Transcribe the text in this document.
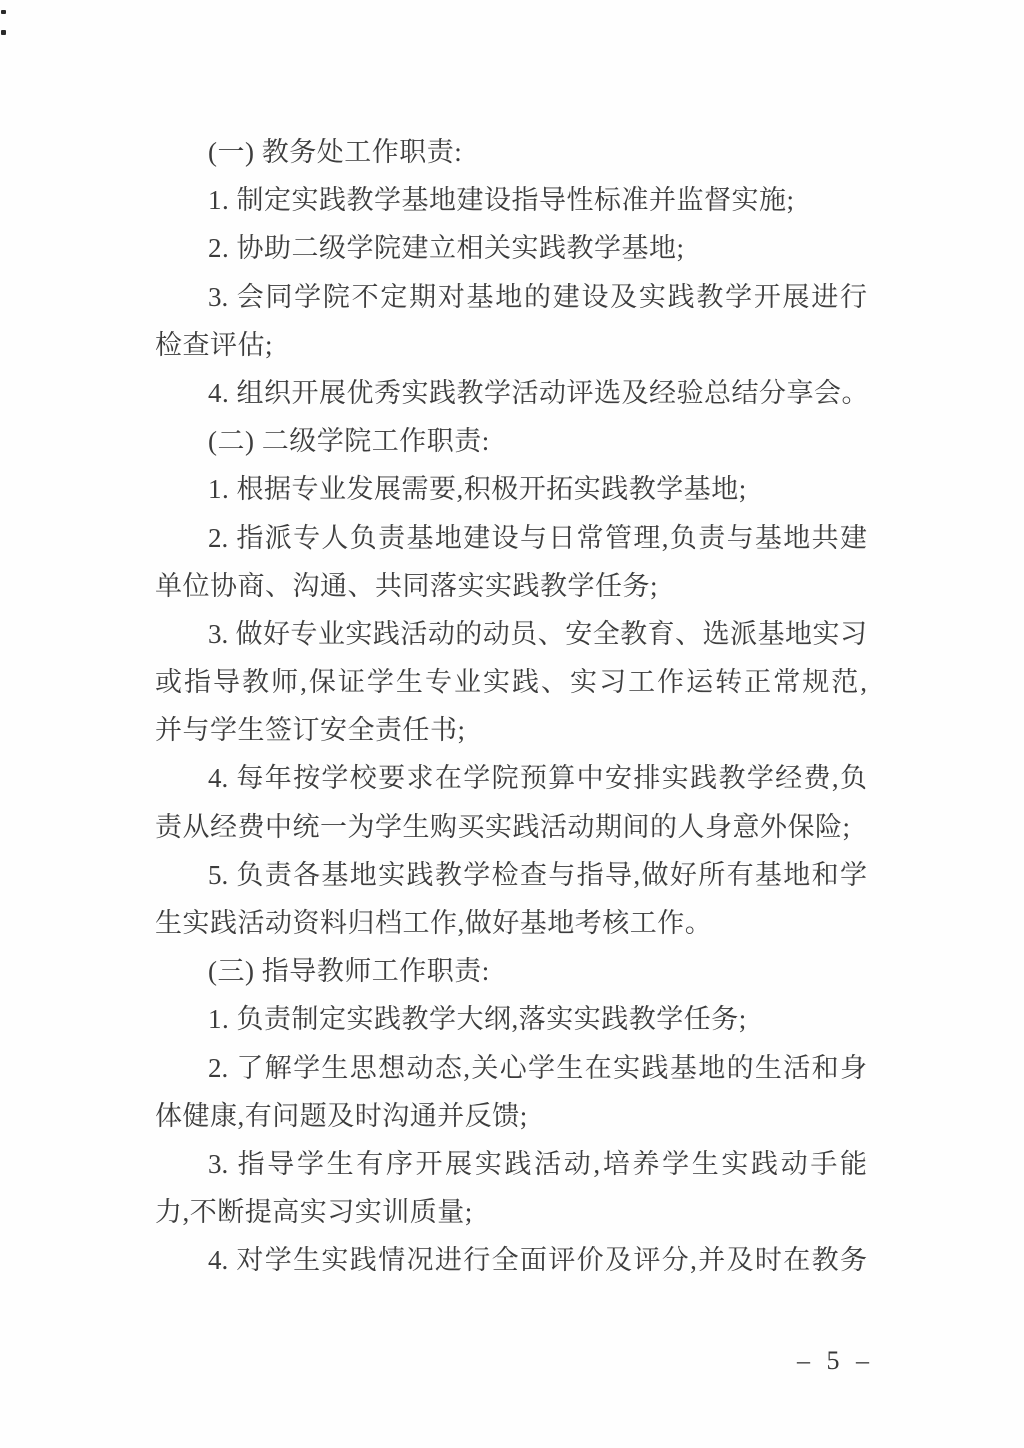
(一) 教务处工作职责:
1. 制定实践教学基地建设指导性标准并监督实施;
2. 协助二级学院建立相关实践教学基地;
3. 会同学院不定期对基地的建设及实践教学开展进行
检查评估;
4. 组织开展优秀实践教学活动评选及经验总结分享会。
(二) 二级学院工作职责:
1. 根据专业发展需要,积极开拓实践教学基地;
2. 指派专人负责基地建设与日常管理,负责与基地共建
单位协商、沟通、共同落实实践教学任务;
3. 做好专业实践活动的动员、安全教育、选派基地实习
或指导教师,保证学生专业实践、实习工作运转正常规范,
并与学生签订安全责任书;
4. 每年按学校要求在学院预算中安排实践教学经费,负
责从经费中统一为学生购买实践活动期间的人身意外保险;
5. 负责各基地实践教学检查与指导,做好所有基地和学
生实践活动资料归档工作,做好基地考核工作。
(三) 指导教师工作职责:
1. 负责制定实践教学大纲,落实实践教学任务;
2. 了解学生思想动态,关心学生在实践基地的生活和身
体健康,有问题及时沟通并反馈;
3. 指导学生有序开展实践活动,培养学生实践动手能
力,不断提高实习实训质量;
4. 对学生实践情况进行全面评价及评分,并及时在教务
– 5 –
